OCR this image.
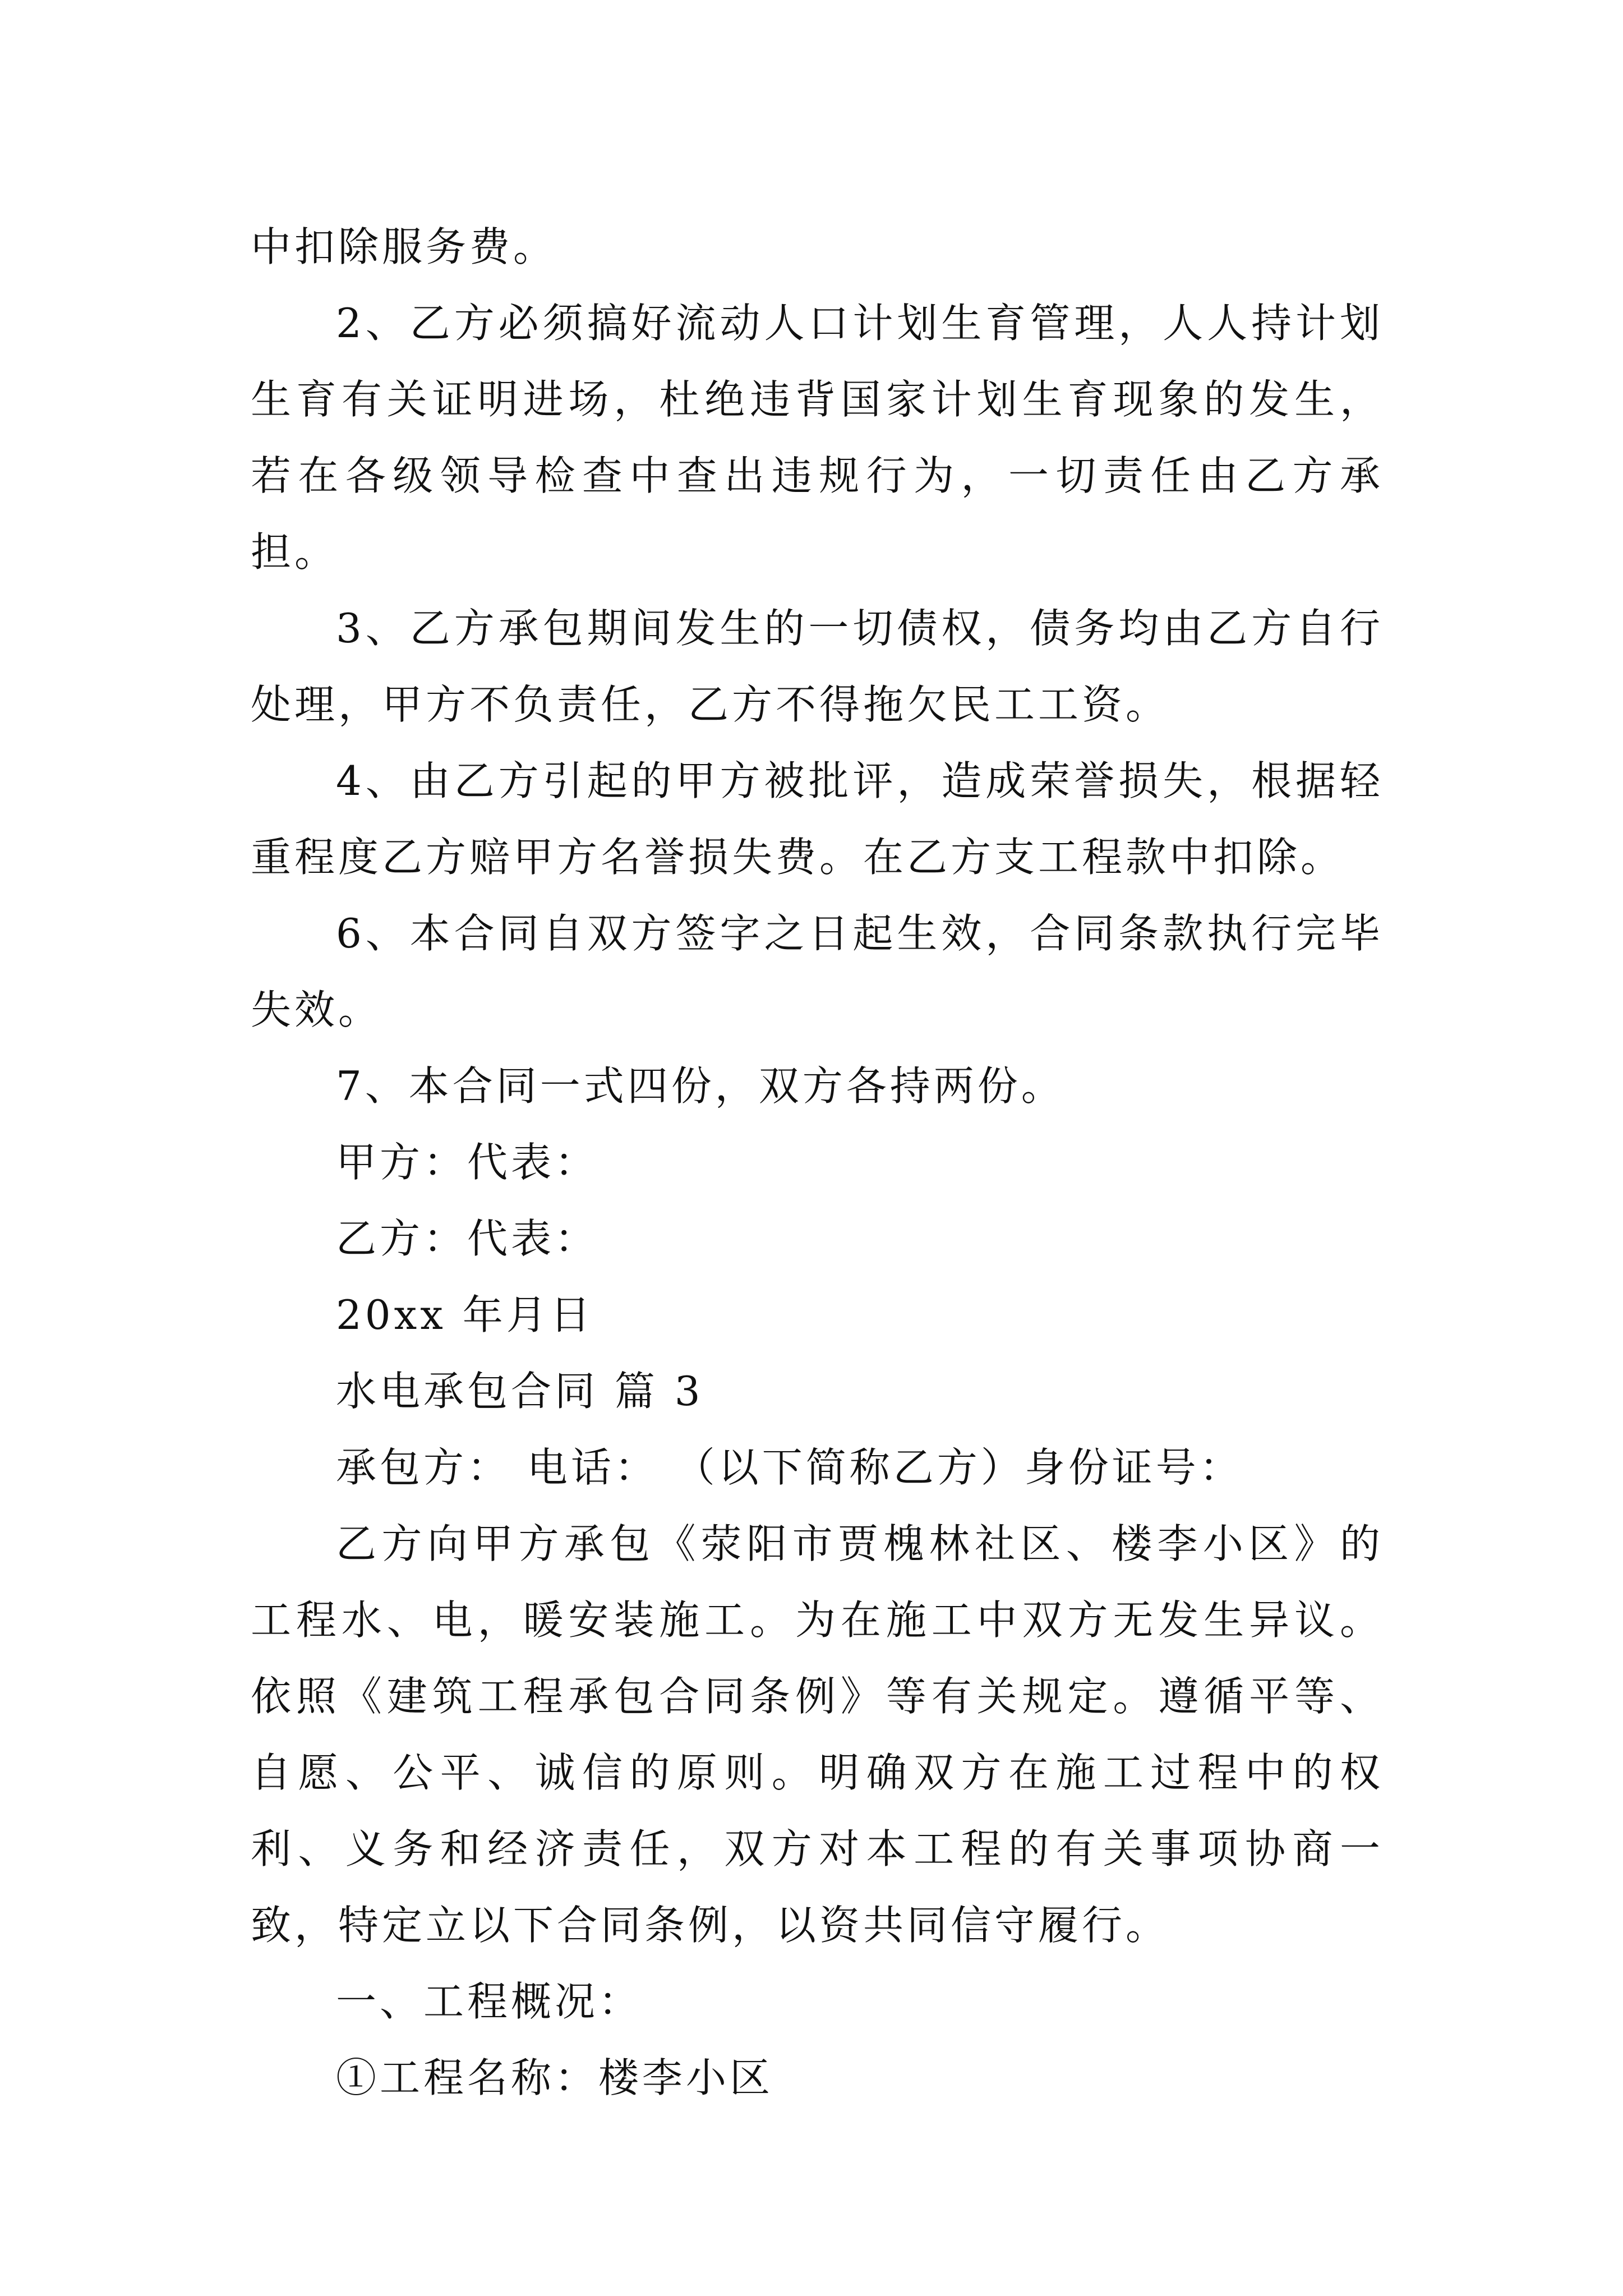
中扣除服务费。

2、乙方必须搞好流动人口计划生育管理，人人持计划生育有关证明进场，杜绝违背国家计划生育现象的发生，若在各级领导检查中查出违规行为，一切责任由乙方承担。

3、乙方承包期间发生的一切债权，债务均由乙方自行处理，甲方不负责任，乙方不得拖欠民工工资。

4、由乙方引起的甲方被批评，造成荣誉损失，根据轻重程度乙方赔甲方名誉损失费。在乙方支工程款中扣除。

6、本合同自双方签字之日起生效，合同条款执行完毕失效。

7、本合同一式四份，双方各持两份。

甲方：代表：

乙方：代表：

20xx 年月日

水电承包合同 篇 3

承包方： 电话： （以下简称乙方）身份证号：

乙方向甲方承包《荥阳市贾槐林社区、楼李小区》的工程水、电，暖安装施工。为在施工中双方无发生异议。依照《建筑工程承包合同条例》等有关规定。遵循平等、自愿、公平、诚信的原则。明确双方在施工过程中的权利、义务和经济责任，双方对本工程的有关事项协商一致，特定立以下合同条例，以资共同信守履行。

一、工程概况：

①工程名称：楼李小区
